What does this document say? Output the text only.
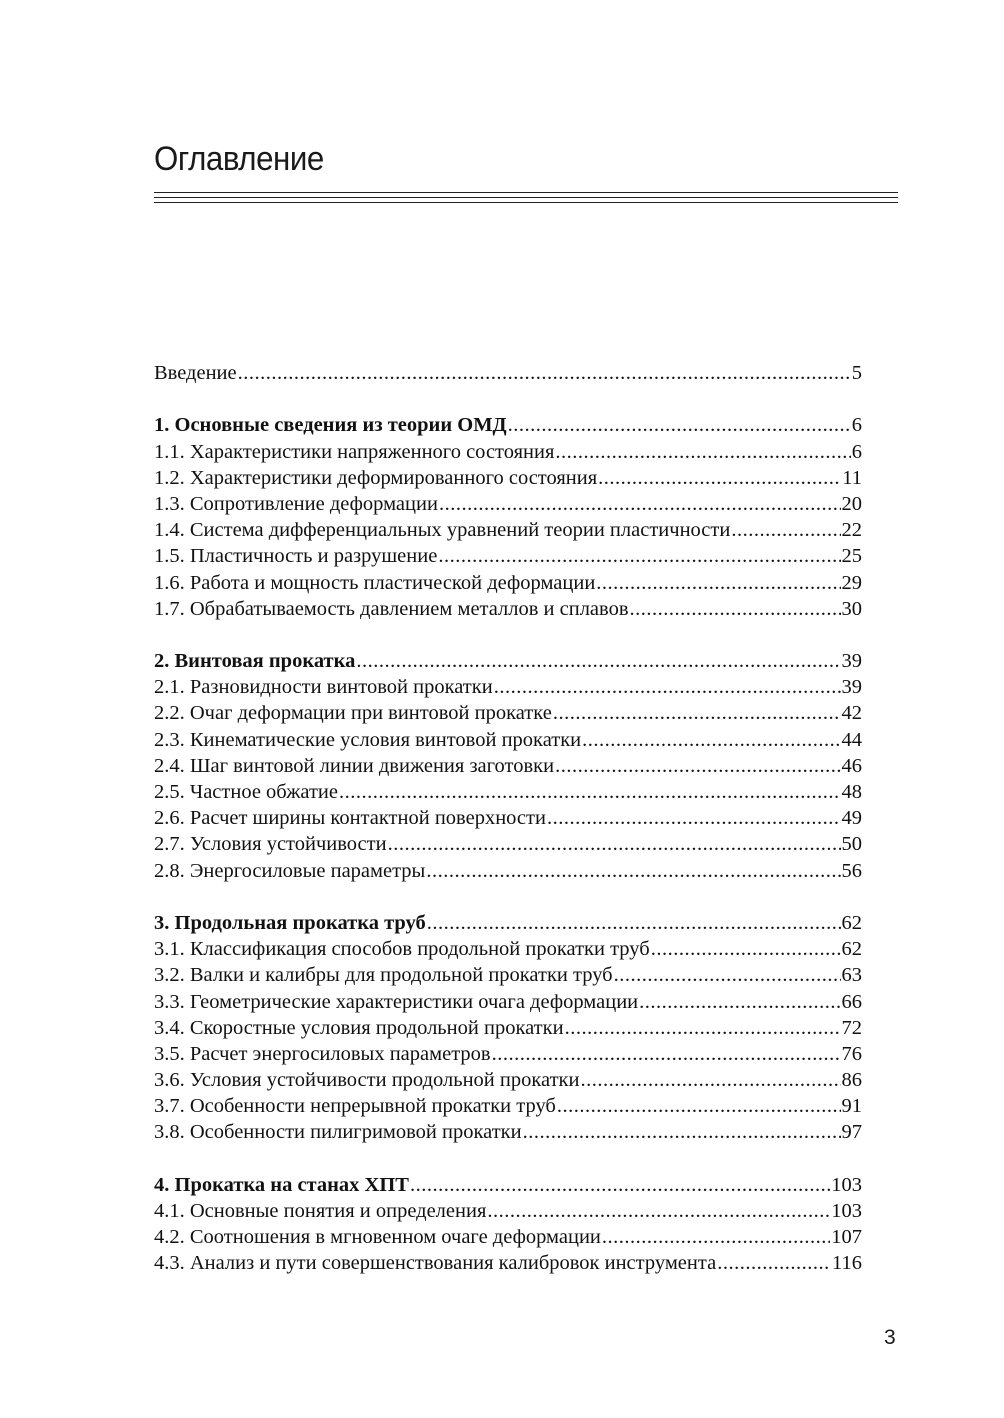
Оглавление
Введение .....	5
1. Основные сведения из теории ОМД .....	6
1.1. Характеристики напряженного состояния .....	6
1.2. Характеристики деформированного состояния .....	11
1.3. Сопротивление деформации .....	20
1.4. Система дифференциальных уравнений теории пластичности .....	22
1.5. Пластичность и разрушение .....	25
1.6. Работа и мощность пластической деформации .....	29
1.7. Обрабатываемость давлением металлов и сплавов .....	30
2. Винтовая прокатка .....	39
2.1. Разновидности винтовой прокатки .....	39
2.2. Очаг деформации при винтовой прокатке .....	42
2.3. Кинематические условия винтовой прокатки .....	44
2.4. Шаг винтовой линии движения заготовки .....	46
2.5. Частное обжатие .....	48
2.6. Расчет ширины контактной поверхности .....	49
2.7. Условия устойчивости .....	50
2.8. Энергосиловые параметры .....	56
3. Продольная прокатка труб .....	62
3.1. Классификация способов продольной прокатки труб .....	62
3.2. Валки и калибры для продольной прокатки труб .....	63
3.3. Геометрические характеристики очага деформации .....	66
3.4. Скоростные условия продольной прокатки .....	72
3.5. Расчет энергосиловых параметров .....	76
3.6. Условия устойчивости продольной прокатки .....	86
3.7. Особенности непрерывной прокатки труб .....	91
3.8. Особенности пилигримовой прокатки .....	97
4. Прокатка на станах ХПТ .....	103
4.1. Основные понятия и определения .....	103
4.2. Соотношения в мгновенном очаге деформации .....	107
4.3. Анализ и пути совершенствования калибровок инструмента .....	116
3
